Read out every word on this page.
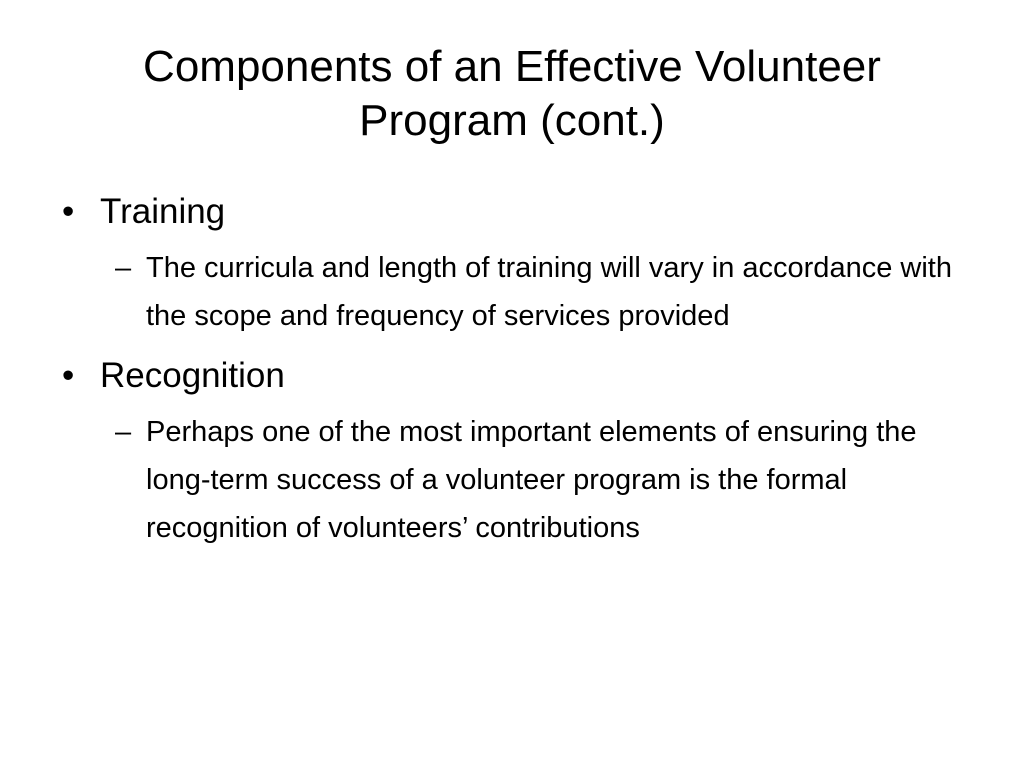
Components of an Effective Volunteer Program (cont.)
• Training
– The curricula and length of training will vary in accordance with the scope and frequency of services provided
• Recognition
– Perhaps one of the most important elements of ensuring the long-term success of a volunteer program is the formal recognition of volunteers’ contributions
